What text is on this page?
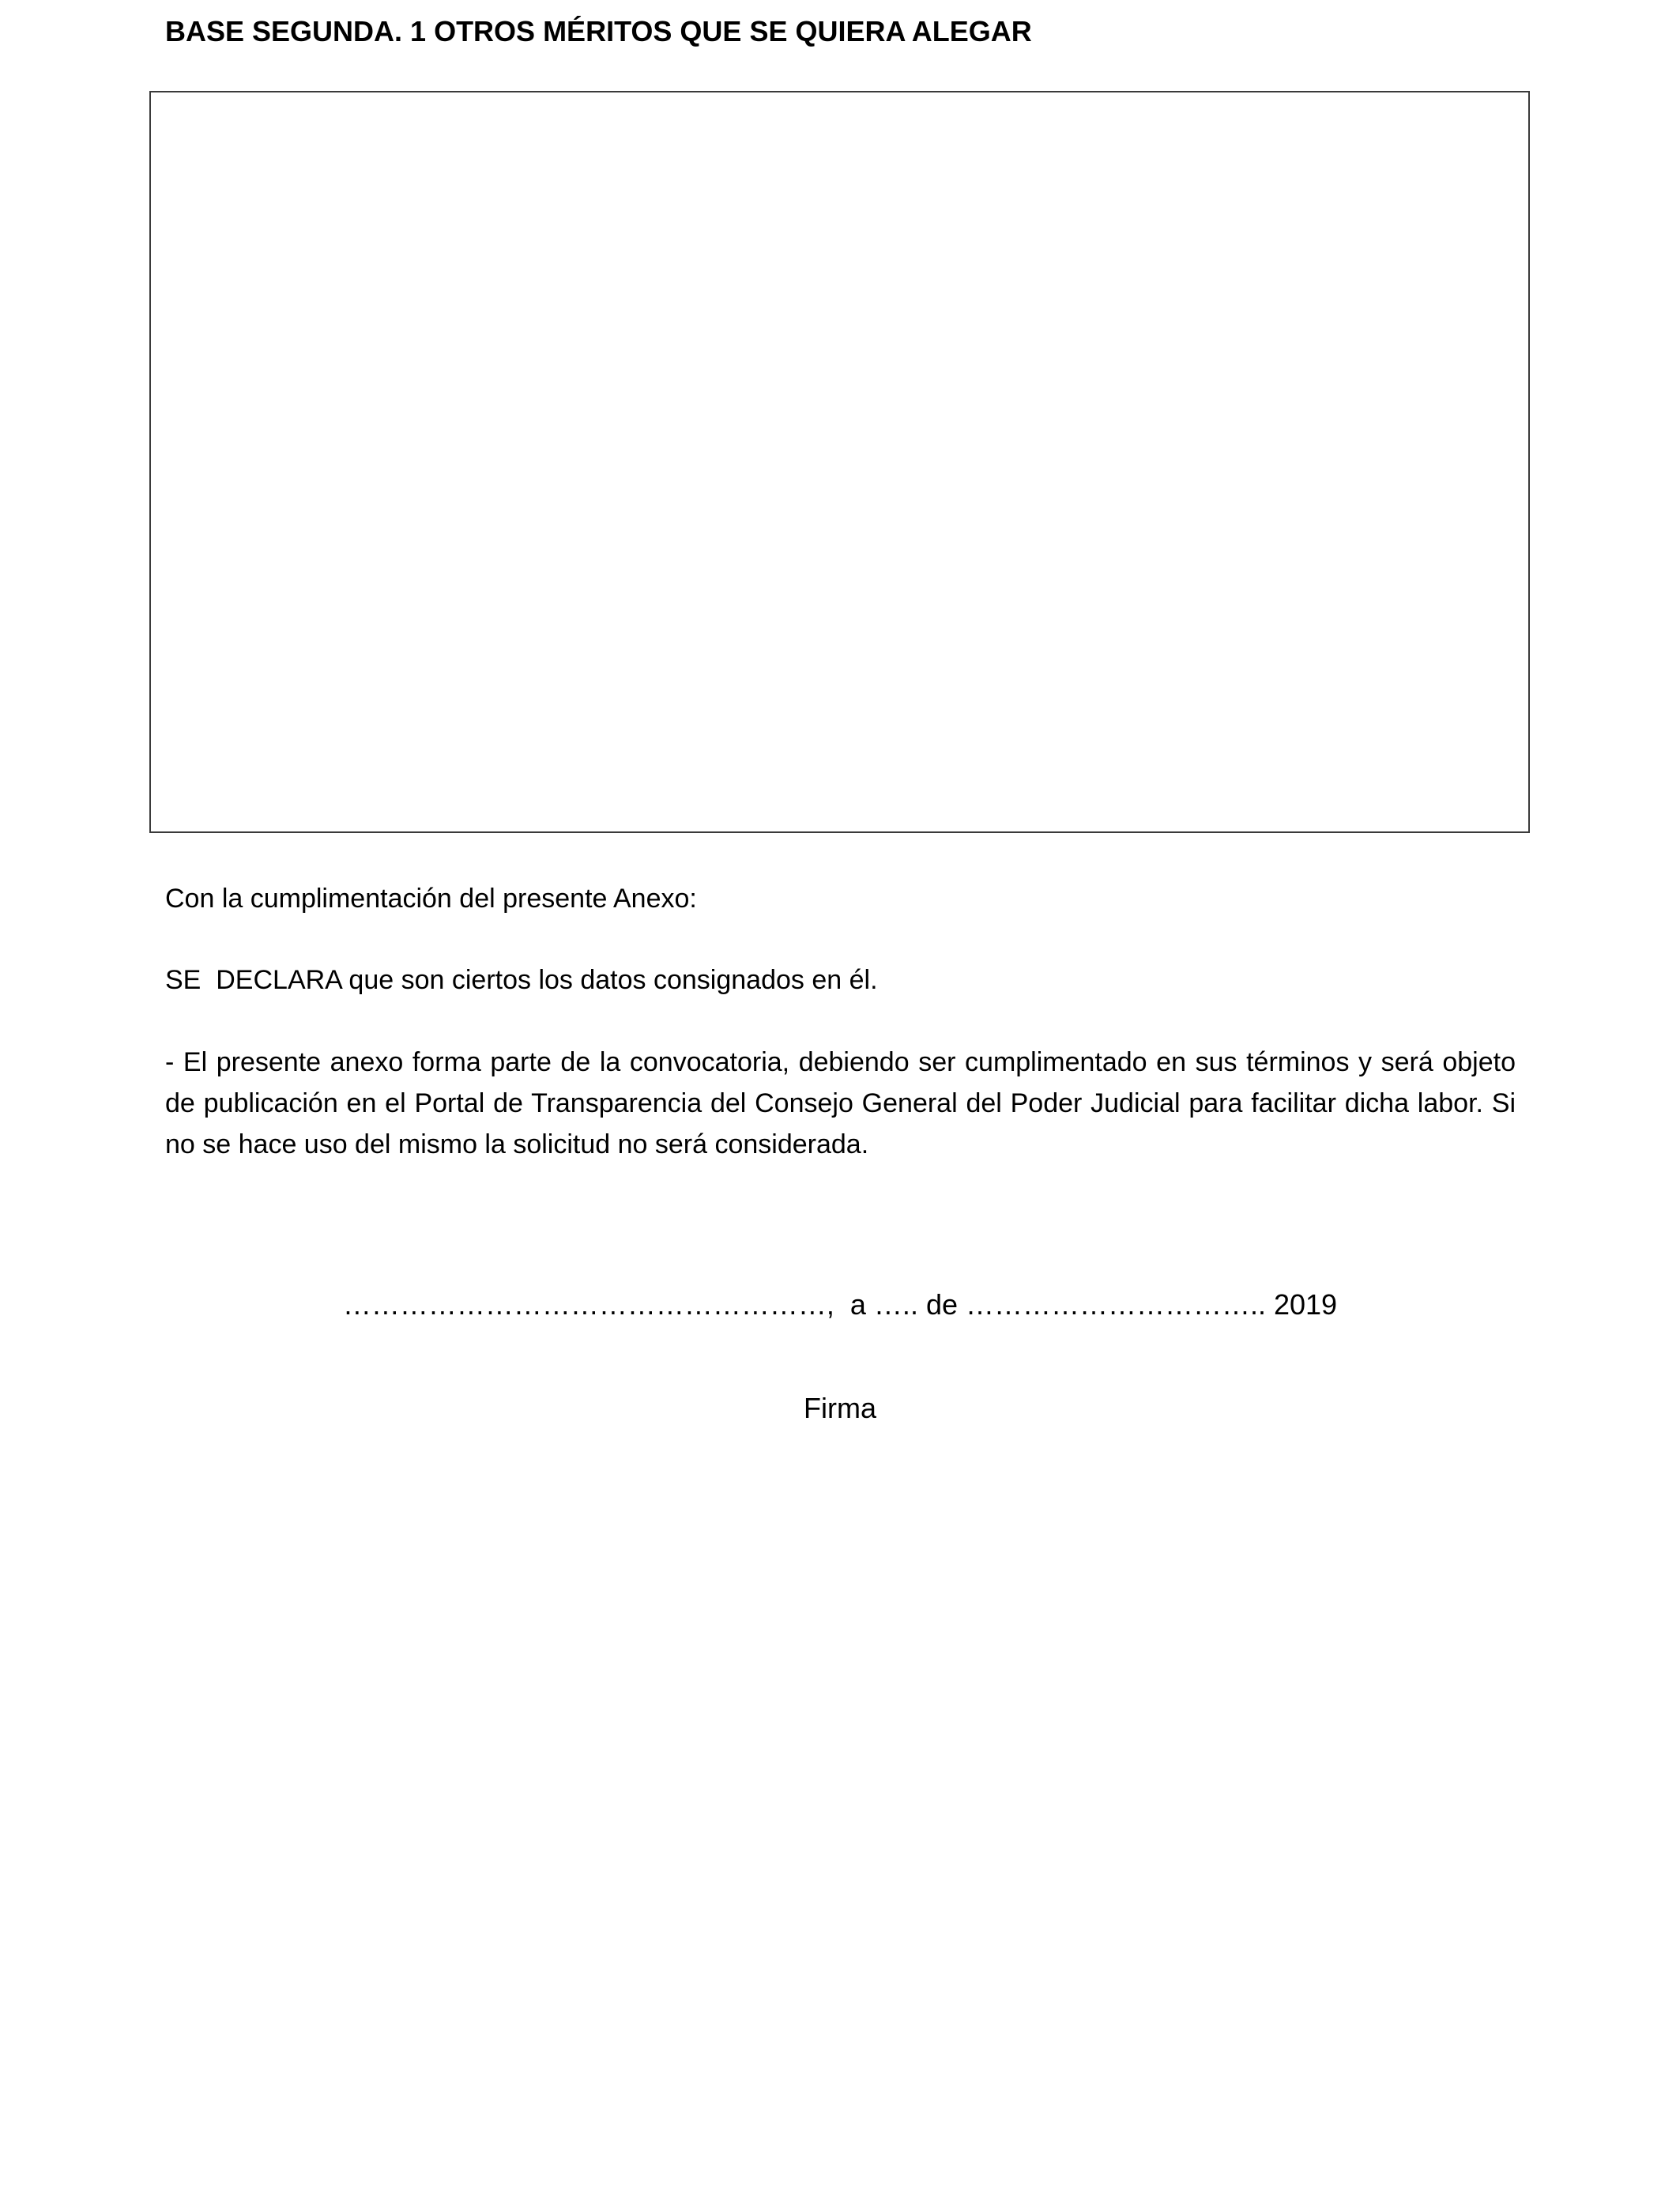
BASE SEGUNDA. 1 OTROS MÉRITOS QUE SE QUIERA ALEGAR

Con la cumplimentación del presente Anexo:

SE  DECLARA que son ciertos los datos consignados en él.

- El presente anexo forma parte de la convocatoria, debiendo ser cumplimentado en sus términos y será objeto de publicación en el Portal de Transparencia del Consejo General del Poder Judicial para facilitar dicha labor. Si no se hace uso del mismo la solicitud no será considerada.

……………………………………………,  a ….. de ………………………….. 2019
Firma
